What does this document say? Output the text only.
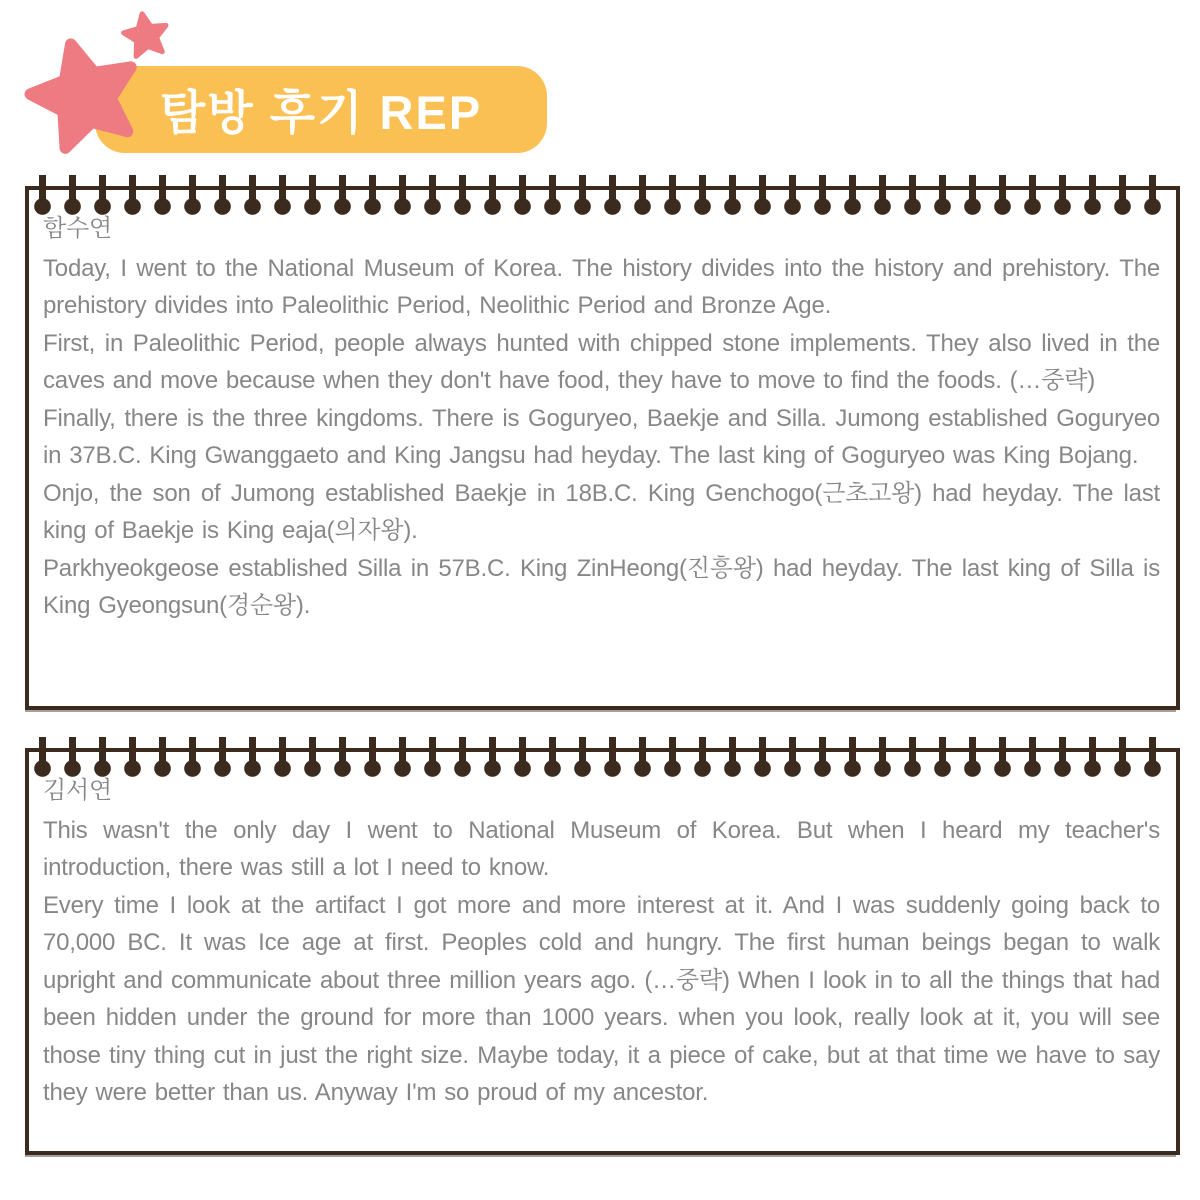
탐방 후기 REP
함수연

Today, I went to the National Museum of Korea. The history divides into the history and prehistory. The prehistory divides into Paleolithic Period, Neolithic Period and Bronze Age.

First, in Paleolithic Period, people always hunted with chipped stone implements. They also lived in the caves and move because when they don't have food, they have to move to find the foods. (…중략)

Finally, there is the three kingdoms. There is Goguryeo, Baekje and Silla. Jumong established Goguryeo in 37B.C. King Gwanggaeto and King Jangsu had heyday. The last king of Goguryeo was King Bojang.

Onjo, the son of Jumong established Baekje in 18B.C. King Genchogo(근초고왕) had heyday. The last king of Baekje is King eaja(의자왕).

Parkhyeokgeose established Silla in 57B.C. King ZinHeong(진흥왕) had heyday. The last king of Silla is King Gyeongsun(경순왕).

김서연

This wasn't the only day I went to National Museum of Korea. But when I heard my teacher's introduction, there was still a lot I need to know.

Every time I look at the artifact I got more and more interest at it. And I was suddenly going back to 70,000 BC. It was Ice age at first. Peoples cold and hungry. The first human beings began to walk upright and communicate about three million years ago. (…중략) When I look in to all the things that had been hidden under the ground for more than 1000 years. when you look, really look at it, you will see those tiny thing cut in just the right size. Maybe today, it a piece of cake, but at that time we have to say they were better than us. Anyway I'm so proud of my ancestor.
